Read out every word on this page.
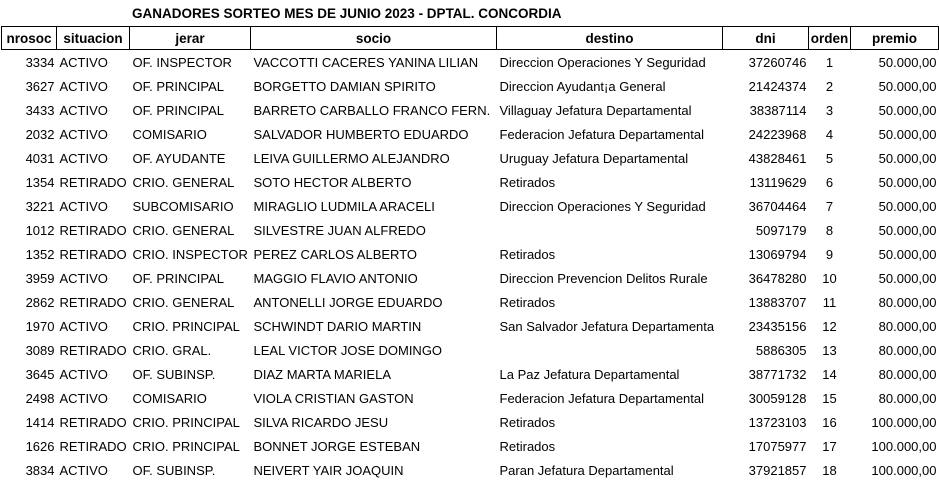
GANADORES SORTEO MES DE JUNIO 2023 - DPTAL. CONCORDIA
nrosoc	situacion	jerar	socio	destino	dni	orden	premio
3334	ACTIVO	OF. INSPECTOR	VACCOTTI CACERES YANINA LILIAN	Direccion Operaciones Y Seguridad	37260746	1	50.000,00
3627	ACTIVO	OF. PRINCIPAL	BORGETTO DAMIAN SPIRITO	Direccion Ayudant¡a General	21424374	2	50.000,00
3433	ACTIVO	OF. PRINCIPAL	BARRETO CARBALLO FRANCO FERN.	Villaguay Jefatura Departamental	38387114	3	50.000,00
2032	ACTIVO	COMISARIO	SALVADOR HUMBERTO EDUARDO	Federacion Jefatura Departamental	24223968	4	50.000,00
4031	ACTIVO	OF. AYUDANTE	LEIVA GUILLERMO ALEJANDRO	Uruguay Jefatura Departamental	43828461	5	50.000,00
1354	RETIRADO	CRIO. GENERAL	SOTO HECTOR ALBERTO	Retirados	13119629	6	50.000,00
3221	ACTIVO	SUBCOMISARIO	MIRAGLIO LUDMILA ARACELI	Direccion Operaciones Y Seguridad	36704464	7	50.000,00
1012	RETIRADO	CRIO. GENERAL	SILVESTRE JUAN ALFREDO		5097179	8	50.000,00
1352	RETIRADO	CRIO. INSPECTOR	PEREZ CARLOS ALBERTO	Retirados	13069794	9	50.000,00
3959	ACTIVO	OF. PRINCIPAL	MAGGIO FLAVIO ANTONIO	Direccion Prevencion Delitos Rurale	36478280	10	50.000,00
2862	RETIRADO	CRIO. GENERAL	ANTONELLI JORGE EDUARDO	Retirados	13883707	11	80.000,00
1970	ACTIVO	CRIO. PRINCIPAL	SCHWINDT DARIO MARTIN	San Salvador Jefatura Departamenta	23435156	12	80.000,00
3089	RETIRADO	CRIO. GRAL.	LEAL VICTOR JOSE DOMINGO		5886305	13	80.000,00
3645	ACTIVO	OF. SUBINSP.	DIAZ MARTA MARIELA	La Paz Jefatura Departamental	38771732	14	80.000,00
2498	ACTIVO	COMISARIO	VIOLA CRISTIAN GASTON	Federacion Jefatura Departamental	30059128	15	80.000,00
1414	RETIRADO	CRIO. PRINCIPAL	SILVA RICARDO JESU	Retirados	13723103	16	100.000,00
1626	RETIRADO	CRIO. PRINCIPAL	BONNET JORGE ESTEBAN	Retirados	17075977	17	100.000,00
3834	ACTIVO	OF. SUBINSP.	NEIVERT YAIR JOAQUIN	Paran Jefatura Departamental	37921857	18	100.000,00
